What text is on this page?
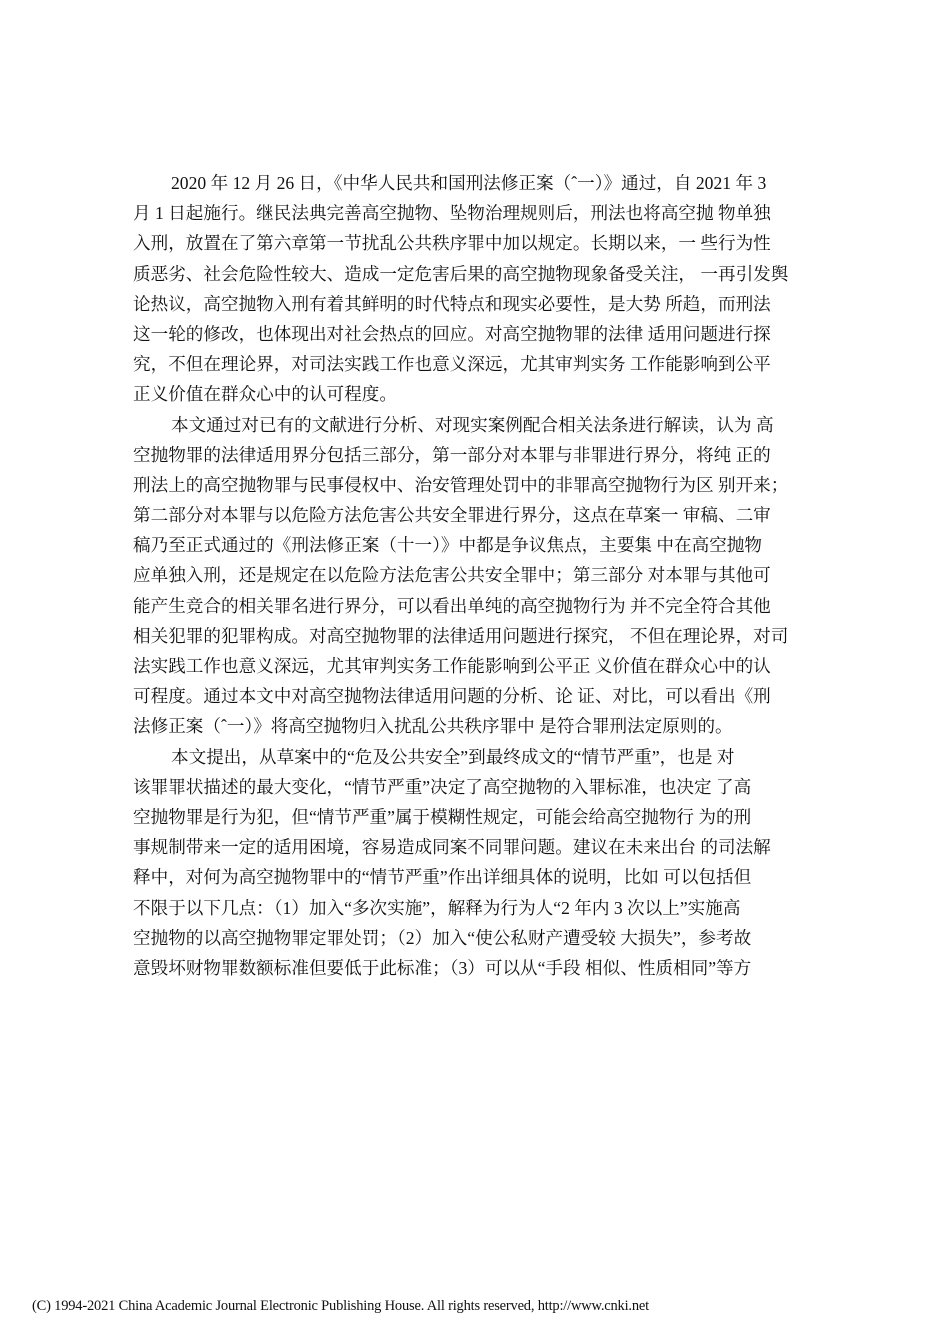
2020 年 12 月 26 日，《中华人民共和国刑法修正案（ˆ一）》通过，自 2021 年 3
月 1 日起施行。继民法典完善高空抛物、坠物治理规则后，刑法也将高空抛 物单独
入刑，放置在了第六章第一节扰乱公共秩序罪中加以规定。长期以来，一 些行为性
质恶劣、社会危险性较大、造成一定危害后果的高空抛物现象备受关注， 一再引发舆
论热议，高空抛物入刑有着其鲜明的时代特点和现实必要性，是大势 所趋，而刑法
这一轮的修改，也体现出对社会热点的回应。对高空抛物罪的法律 适用问题进行探
究，不但在理论界，对司法实践工作也意义深远，尤其审判实务 工作能影响到公平
正义价值在群众心中的认可程度。
本文通过对已有的文献进行分析、对现实案例配合相关法条进行解读，认为 高
空抛物罪的法律适用界分包括三部分，第一部分对本罪与非罪进行界分，将纯 正的
刑法上的高空抛物罪与民事侵权中、治安管理处罚中的非罪高空抛物行为区 别开来；
第二部分对本罪与以危险方法危害公共安全罪进行界分，这点在草案一 审稿、二审
稿乃至正式通过的《刑法修正案（十一）》中都是争议焦点，主要集 中在高空抛物
应单独入刑，还是规定在以危险方法危害公共安全罪中；第三部分 对本罪与其他可
能产生竞合的相关罪名进行界分，可以看出单纯的高空抛物行为 并不完全符合其他
相关犯罪的犯罪构成。对高空抛物罪的法律适用问题进行探究， 不但在理论界，对司
法实践工作也意义深远，尤其审判实务工作能影响到公平正 义价值在群众心中的认
可程度。通过本文中对高空抛物法律适用问题的分析、论 证、对比，可以看出《刑
法修正案（ˆ一）》将高空抛物归入扰乱公共秩序罪中 是符合罪刑法定原则的。
本文提出，从草案中的“危及公共安全”到最终成文的“情节严重”，也是 对
该罪罪状描述的最大变化，“情节严重”决定了高空抛物的入罪标准，也决定 了高
空抛物罪是行为犯，但“情节严重”属于模糊性规定，可能会给高空抛物行 为的刑
事规制带来一定的适用困境，容易造成同案不同罪问题。建议在未来出台 的司法解
释中，对何为高空抛物罪中的“情节严重”作出详细具体的说明，比如 可以包括但
不限于以下几点：（1）加入“多次实施”，解释为行为人“2 年内 3 次以上”实施高
空抛物的以高空抛物罪定罪处罚；（2）加入“使公私财产遭受较 大损失”，参考故
意毁坏财物罪数额标准但要低于此标准；（3）可以从“手段 相似、性质相同”等方
(C) 1994-2021 China Academic Journal Electronic Publishing House. All rights reserved, http://www.cnki.net
